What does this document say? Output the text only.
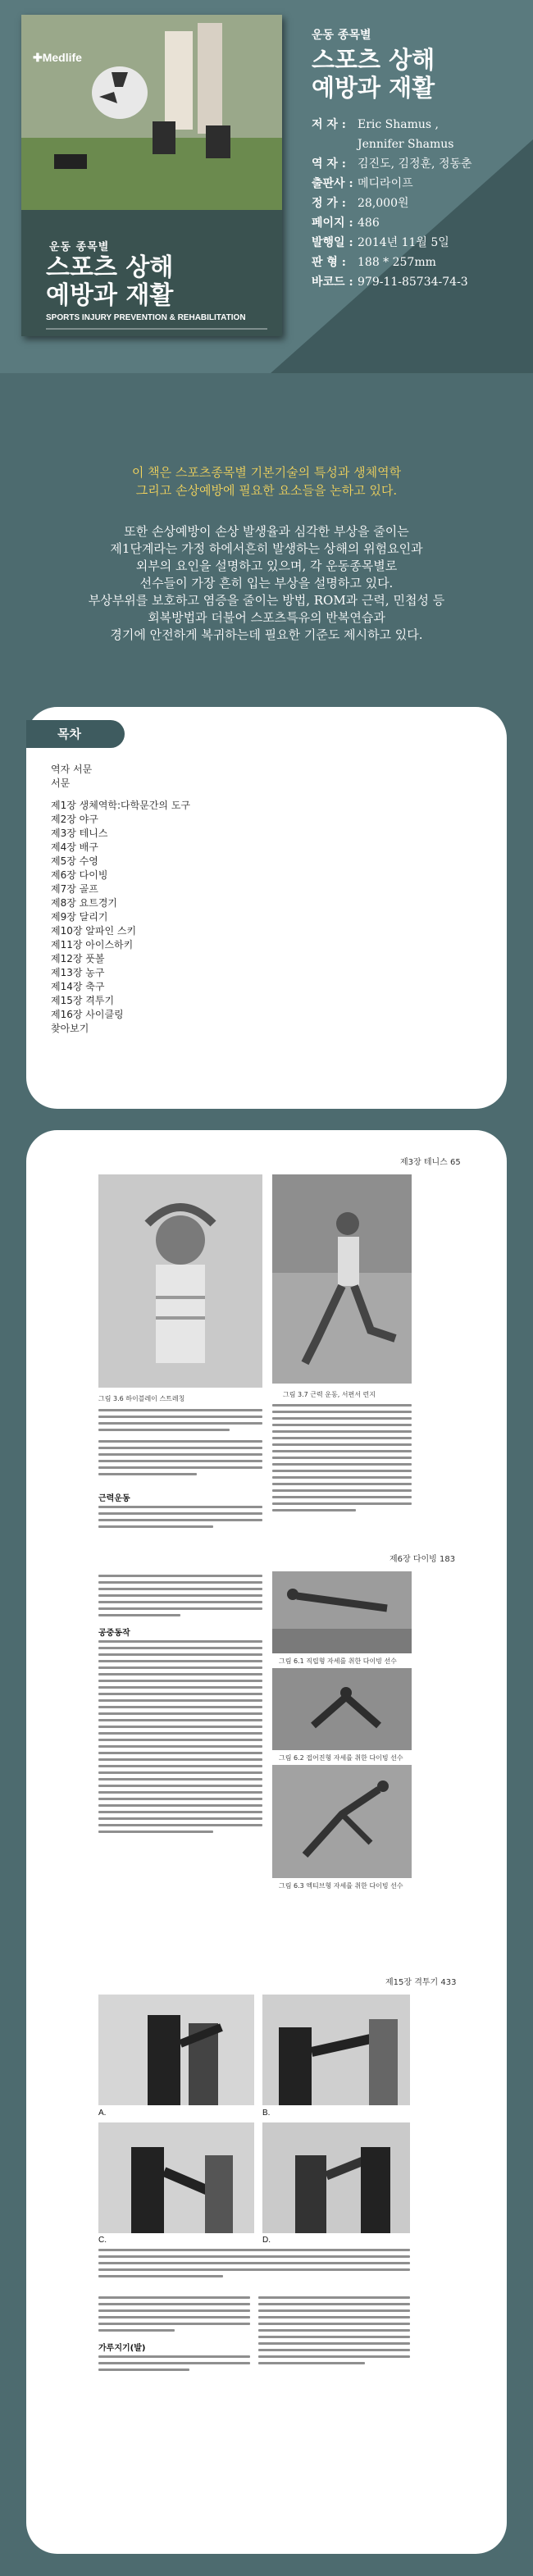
✚Medlife
운동 종목별
스포츠 상해
예방과 재활
SPORTS INJURY PREVENTION & REHABILITATION
운동 종목별
스포츠 상해
예방과 재활
저 자 :	Eric Shamus ,
Jennifer Shamus
역 자 :	김진도, 김정훈, 정동춘
출판사 : 메디라이프
정 가 :	28,000원
페이지 : 486
발행일 : 2014년 11월 5일
판 형 :	188 * 257mm
바코드 : 979-11-85734-74-3
이 책은 스포츠종목별 기본기술의 특성과 생체역학
그리고 손상예방에 필요한 요소들을 논하고 있다.
또한 손상예방이 손상 발생율과 심각한 부상을 줄이는
제1단계라는 가정 하에서흔히 발생하는 상해의 위험요인과
외부의 요인을 설명하고 있으며, 각 운동종목별로
선수들이 가장 흔히 입는 부상을 설명하고 있다.
부상부위를 보호하고 염증을 줄이는 방법, ROM과 근력, 민첩성 등
회복방법과 더불어 스포츠특유의 반복연습과
경기에 안전하게 복귀하는데 필요한 기준도 제시하고 있다.
목차
역자 서문
서문
제1장 생체역학:다학문간의 도구
제2장 야구
제3장 테니스
제4장 배구
제5장 수영
제6장 다이빙
제7장 골프
제8장 요트경기
제9장 달리기
제10장 알파인 스키
제11장 아이스하키
제12장 풋볼
제13장 농구
제14장 축구
제15장 격투기
제16장 사이클링
찾아보기
제3장 테니스 65
그림 3.6 하이블레이 스트레칭
그림 3.7 근력 운동, 서편서 런지
근력운동
제6장 다이빙 183
공중동작
그림 6.1 직립형 자세를 취한 다이빙 선수
그림 6.2 접어진형 자세를 취한 다이빙 선수
그림 6.3 엑티브형 자세를 취한 다이빙 선수
제15장 격투기 433
A.	B.
C.	D.
가루지기(발)
